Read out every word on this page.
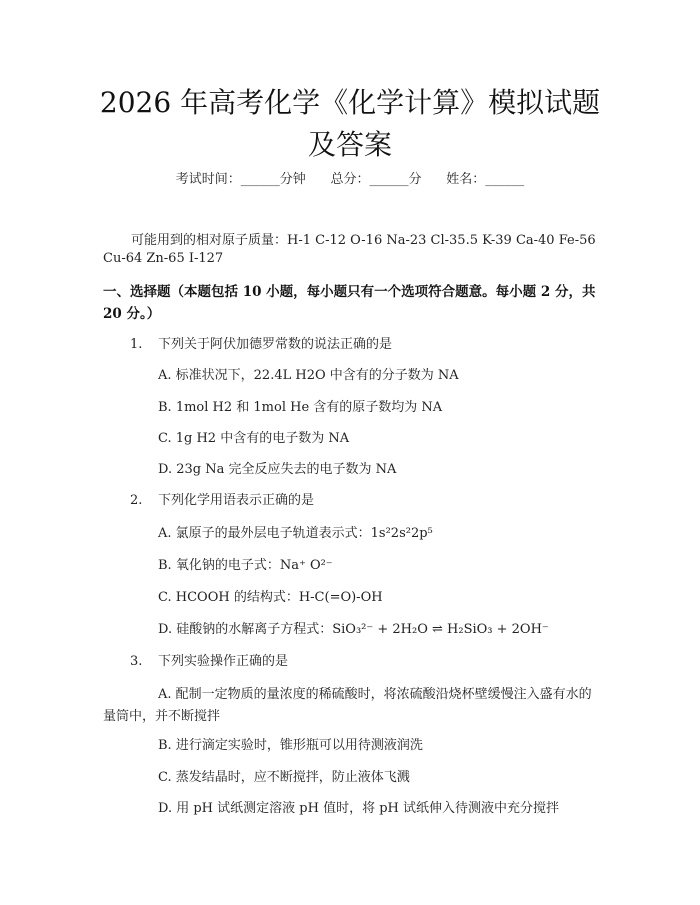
2026 年高考化学《化学计算》模拟试题及答案
考试时间：______分钟      总分：______分      姓名：______
可能用到的相对原子质量：H-1 C-12 O-16 Na-23 Cl-35.5 K-39 Ca-40 Fe-56 Cu-64 Zn-65 I-127
一、选择题（本题包括 10 小题，每小题只有一个选项符合题意。每小题 2 分，共
20 分。）
1. 下列关于阿伏加德罗常数的说法正确的是
A. 标准状况下，22.4L H2O 中含有的分子数为 NA
B. 1mol H2 和 1mol He 含有的原子数均为 NA
C. 1g H2 中含有的电子数为 NA
D. 23g Na 完全反应失去的电子数为 NA
2. 下列化学用语表示正确的是
A. 氯原子的最外层电子轨道表示式：1s²2s²2p⁵
B. 氧化钠的电子式：Na⁺ O²⁻
C. HCOOH 的结构式：H-C(=O)-OH
D. 硅酸钠的水解离子方程式：SiO₃²⁻ + 2H₂O ⇌ H₂SiO₃ + 2OH⁻
3. 下列实验操作正确的是
A. 配制一定物质的量浓度的稀硫酸时，将浓硫酸沿烧杯壁缓慢注入盛有水的量筒中，并不断搅拌
B. 进行滴定实验时，锥形瓶可以用待测液润洗
C. 蒸发结晶时，应不断搅拌，防止液体飞溅
D. 用 pH 试纸测定溶液 pH 值时，将 pH 试纸伸入待测液中充分搅拌
